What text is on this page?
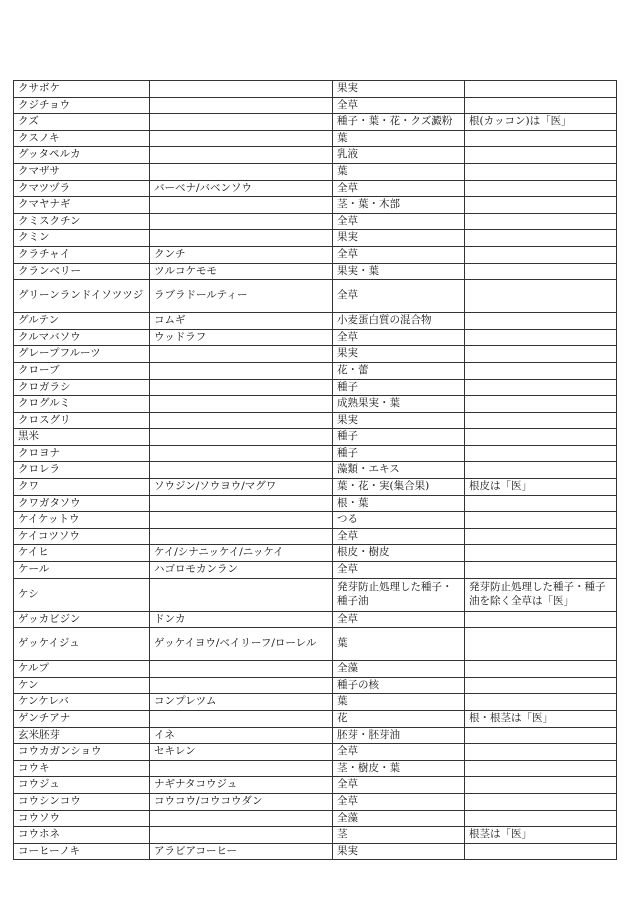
クサボケ		果実	
クジチョウ		全草	
クズ		種子・葉・花・クズ澱粉	根(カッコン)は「医」
クスノキ		葉	
グッタペルカ		乳液	
クマザサ		葉	
クマツヅラ	バーベナ/バベンソウ	全草	
クマヤナギ		茎・葉・木部	
クミスクチン		全草	
クミン		果実	
クラチャイ	クンチ	全草	
クランベリー	ツルコケモモ	果実・葉	
グリーンランドイソツツジ	ラブラドールティー	全草	
グルテン	コムギ	小麦蛋白質の混合物	
クルマバソウ	ウッドラフ	全草	
グレープフルーツ		果実	
クローブ		花・蕾	
クロガラシ		種子	
クログルミ		成熟果実・葉	
クロスグリ		果実	
黒米		種子	
クロヨナ		種子	
クロレラ		藻類・エキス	
クワ	ソウジン/ソウヨウ/マグワ	葉・花・実(集合果)	根皮は「医」
クワガタソウ		根・葉	
ケイケットウ		つる	
ケイコツソウ		全草	
ケイヒ	ケイ/シナニッケイ/ニッケイ	根皮・樹皮	
ケール	ハゴロモカンラン	全草	
ケシ		発芽防止処理した種子・種子油	発芽防止処理した種子・種子油を除く全草は「医」
ゲッカビジン	ドンカ	全草	
ゲッケイジュ	ゲッケイヨウ/ベイリーフ/ローレル	葉	
ケルプ		全藻	
ケン		種子の核	
ケンケレバ	コンプレツム	葉	
ゲンチアナ		花	根・根茎は「医」
玄米胚芽	イネ	胚芽・胚芽油	
コウカガンショウ	セキレン	全草	
コウキ		茎・樹皮・葉	
コウジュ	ナギナタコウジュ	全草	
コウシンコウ	コウコウ/コウコウダン	全草	
コウソウ		全藻	
コウホネ		茎	根茎は「医」
コーヒーノキ	アラビアコーヒー	果実	
